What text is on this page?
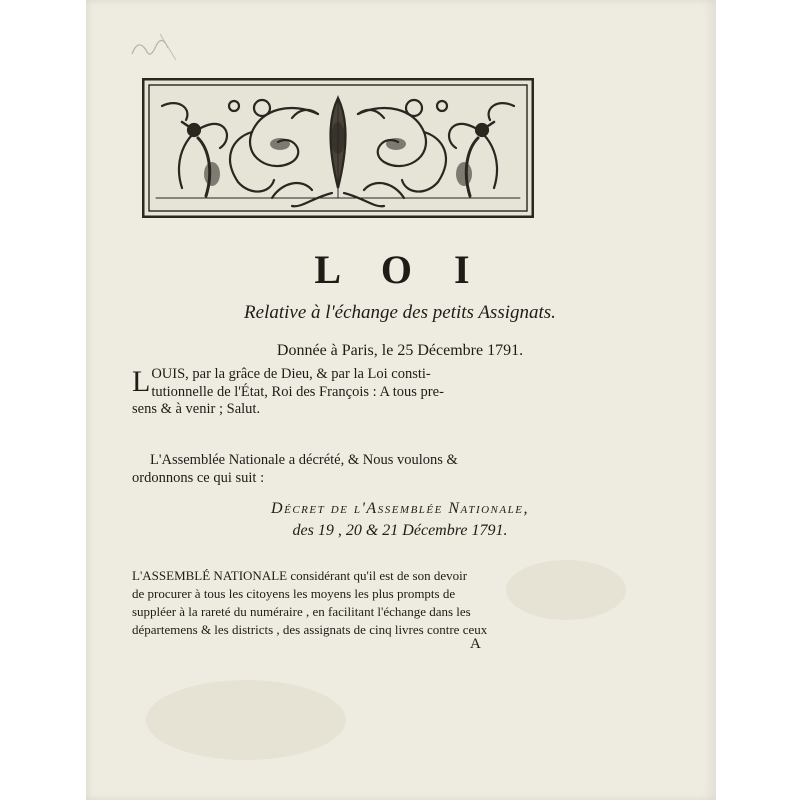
L O I
Relative à l'échange des petits Assignats.
Donnée à Paris, le 25 Décembre 1791.
L OUIS, par la grâce de Dieu, & par la Loi consti-
tutionnelle de l'État, Roi des François : A tous pre-
sens & à venir ; Salut.
L'Assemblée Nationale a décrété, & Nous voulons &
ordonnons ce qui suit :
Décret de l'Assemblée Nationale,
des 19 , 20 & 21 Décembre 1791.
L'ASSEMBLÉ NATIONALE considérant qu'il est de son devoir
de procurer à tous les citoyens les moyens les plus prompts de
suppléer à la rareté du numéraire , en facilitant l'échange dans les
départemens & les districts , des assignats de cinq livres contre ceux
A
